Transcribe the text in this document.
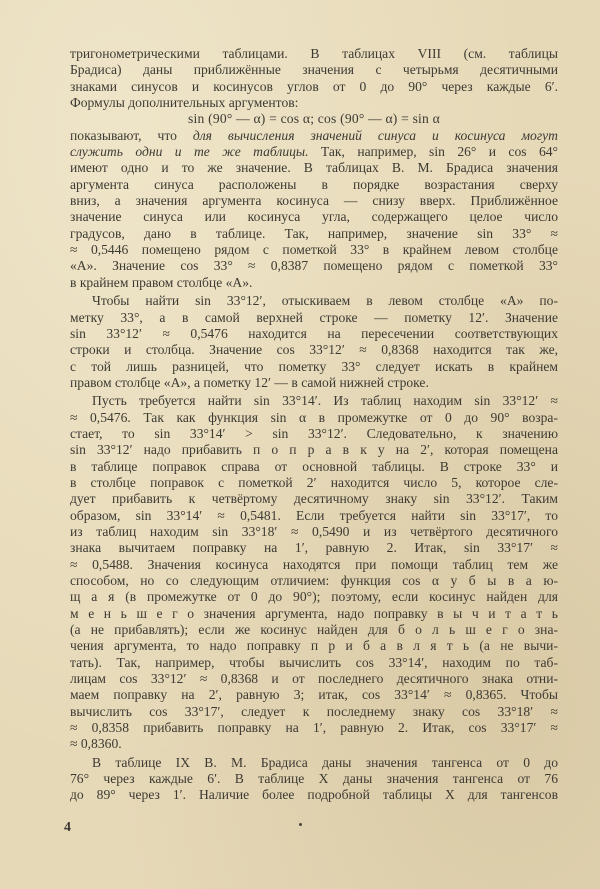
тригонометрическими таблицами. В таблицах VIII (см. таблицы
Брадиса) даны приближённые значения с четырьмя десятичными
знаками синусов и косинусов углов от 0 до 90° через каждые 6′.
Формулы дополнительных аргументов:

sin (90° — α) = cos α; cos (90° — α) = sin α

показывают, что для вычисления значений синуса и косинуса могут
служить одни и те же таблицы. Так, например, sin 26° и cos 64°
имеют одно и то же значение. В таблицах В. М. Брадиса значения
аргумента синуса расположены в порядке возрастания сверху
вниз, а значения аргумента косинуса — снизу вверх. Приближённое
значение синуса или косинуса угла, содержащего целое число
градусов, дано в таблице. Так, например, значение sin 33° ≈
≈ 0,5446 помещено рядом с пометкой 33° в крайнем левом столбце
«А». Значение cos 33° ≈ 0,8387 помещено рядом с пометкой 33°
в крайнем правом столбце «А».

Чтобы найти sin 33°12′, отыскиваем в левом столбце «А» по-
метку 33°, а в самой верхней строке — пометку 12′. Значение
sin 33°12′ ≈ 0,5476 находится на пересечении соответствующих
строки и столбца. Значение cos 33°12′ ≈ 0,8368 находится так же,
с той лишь разницей, что пометку 33° следует искать в крайнем
правом столбце «А», а пометку 12′ — в самой нижней строке.

Пусть требуется найти sin 33°14′. Из таблиц находим sin 33°12′ ≈
≈ 0,5476. Так как функция sin α в промежутке от 0 до 90° возра-
стает, то sin 33°14′ > sin 33°12′. Следовательно, к значению
sin 33°12′ надо прибавить п о п р а в к у на 2′, которая помещена
в таблице поправок справа от основной таблицы. В строке 33° и
в столбце поправок с пометкой 2′ находится число 5, которое сле-
дует прибавить к четвёртому десятичному знаку sin 33°12′. Таким
образом, sin 33°14′ ≈ 0,5481. Если требуется найти sin 33°17′, то
из таблиц находим sin 33°18′ ≈ 0,5490 и из четвёртого десятичного
знака вычитаем поправку на 1′, равную 2. Итак, sin 33°17′ ≈
≈ 0,5488. Значения косинуса находятся при помощи таблиц тем же
способом, но со следующим отличием: функция cos α у б ы в а ю-
щ а я (в промежутке от 0 до 90°); поэтому, если косинус найден для
м е н ь ш е г о значения аргумента, надо поправку в ы ч и т а т ь
(а не прибавлять); если же косинус найден для б о л ь ш е г о зна-
чения аргумента, то надо поправку п р и б а в л я т ь (а не вычи-
тать). Так, например, чтобы вычислить cos 33°14′, находим по таб-
лицам cos 33°12′ ≈ 0,8368 и от последнего десятичного знака отни-
маем поправку на 2′, равную 3; итак, cos 33°14′ ≈ 0,8365. Чтобы
вычислить cos 33°17′, следует к последнему знаку cos 33°18′ ≈
≈ 0,8358 прибавить поправку на 1′, равную 2. Итак, cos 33°17′ ≈
≈ 0,8360.

В таблице IX В. М. Брадиса даны значения тангенса от 0 до
76° через каждые 6′. В таблице X даны значения тангенса от 76
до 89° через 1′. Наличие более подробной таблицы X для тангенсов

4
